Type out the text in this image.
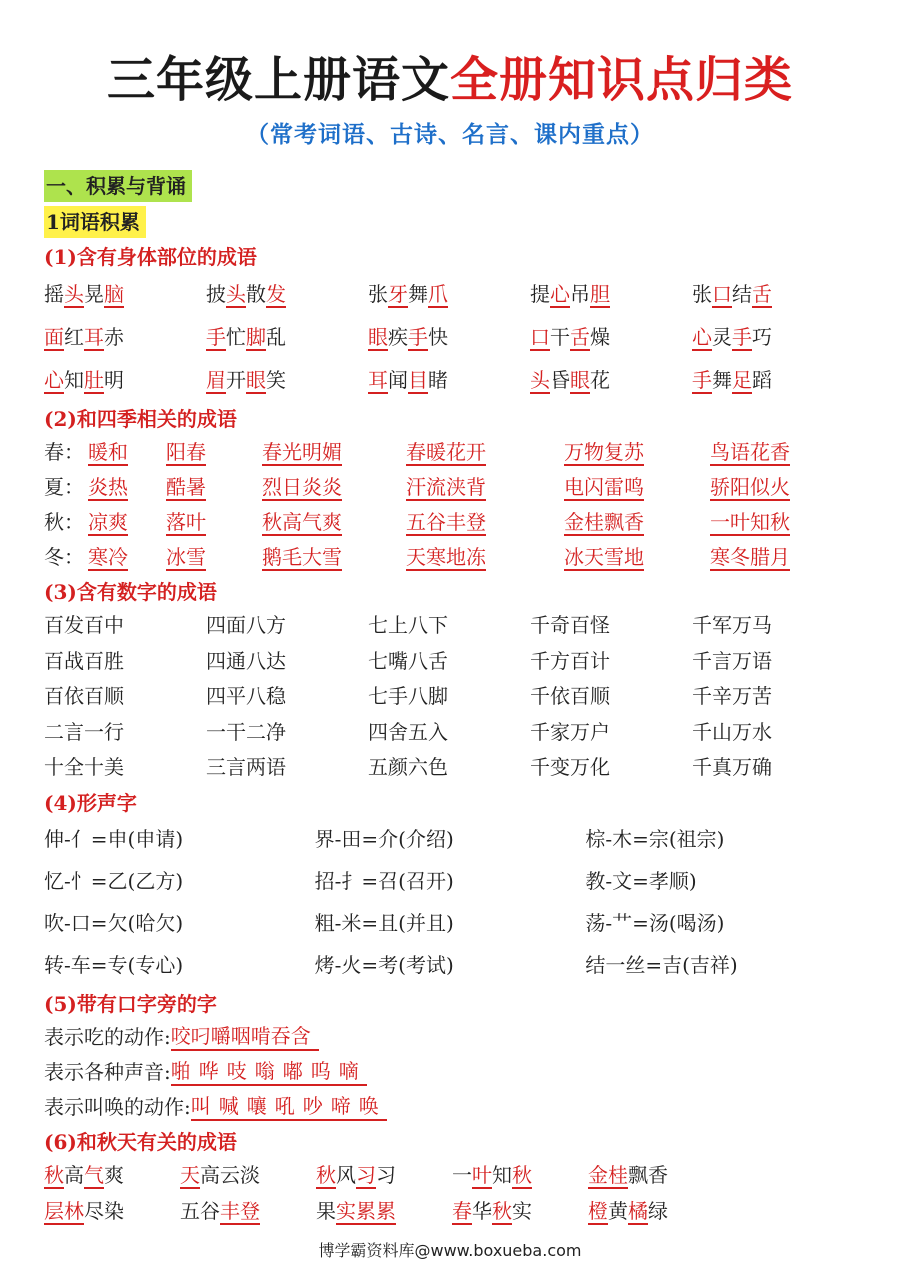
三年级上册语文全册知识点归类
（常考词语、古诗、名言、课内重点）
一、积累与背诵
1词语积累
(1)含有身体部位的成语
摇头晃脑	披头散发	张牙舞爪	提心吊胆	张口结舌
面红耳赤	手忙脚乱	眼疾手快	口干舌燥	心灵手巧
心知肚明	眉开眼笑	耳闻目睹	头昏眼花	手舞足蹈
(2)和四季相关的成语
春： 暖和	阳春	春光明媚	春暖花开	万物复苏	鸟语花香
夏： 炎热	酷暑	烈日炎炎	汗流浃背	电闪雷鸣	骄阳似火
秋： 凉爽	落叶	秋高气爽	五谷丰登	金桂飘香	一叶知秋
冬： 寒冷	冰雪	鹅毛大雪	天寒地冻	冰天雪地	寒冬腊月
(3)含有数字的成语
百发百中	四面八方	七上八下	千奇百怪	千军万马
百战百胜	四通八达	七嘴八舌	千方百计	千言万语
百依百顺	四平八稳	七手八脚	千依百顺	千辛万苦
二言一行	一干二净	四舍五入	千家万户	千山万水
十全十美	三言两语	五颜六色	千变万化	千真万确
(4)形声字
伸-亻=申(申请)	界-田=介(介绍)	棕-木=宗(祖宗)
忆-忄=乙(乙方)	招-扌=召(召开)	教-文=孝顺)
吹-口=欠(哈欠)	粗-米=且(并且)	荡-艹=汤(喝汤)
转-车=专(专心)	烤-火=考(考试)	结一丝=吉(吉祥)
(5)带有口字旁的字
表示吃的动作: 咬叼嚼咽啃吞含
表示各种声音: 啪 哗 吱 嗡 嘟 呜 嘀
表示叫唤的动作: 叫 喊 嚷 吼 吵 啼 唤
(6)和秋天有关的成语
秋高气爽	天高云淡	秋风习习	一叶知秋	金桂飘香
层林尽染	五谷丰登	果实累累	春华秋实	橙黄橘绿
博学霸资料库@www.boxueba.com
